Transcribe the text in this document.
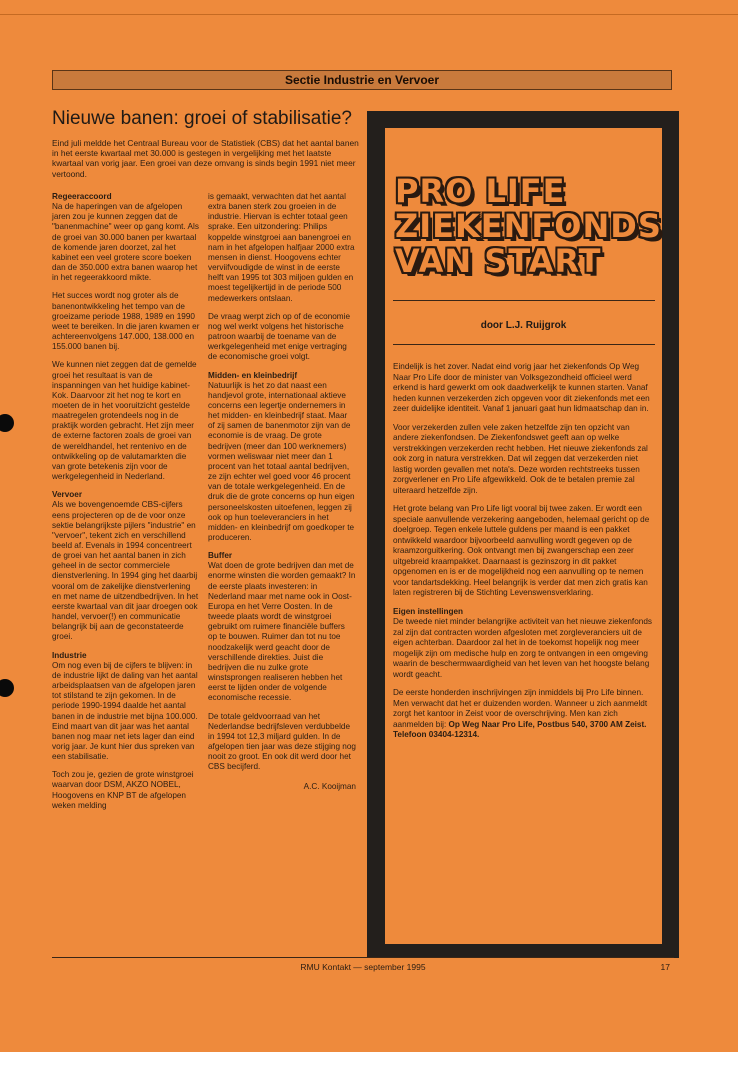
Sectie Industrie en Vervoer
Nieuwe banen: groei of stabilisatie?
Eind juli meldde het Centraal Bureau voor de Statistiek (CBS) dat het aantal banen in het eerste kwartaal met 30.000 is gestegen in vergelijking met het laatste kwartaal van vorig jaar. Een groei van deze omvang is sinds begin 1991 niet meer vertoond.
Regeeraccoord

Na de haperingen van de afgelopen jaren zou je kunnen zeggen dat de "banenmachine" weer op gang komt. Als de groei van 30.000 banen per kwartaal de komende jaren doorzet, zal het kabinet een veel grotere score boeken dan de 350.000 extra banen waarop het in het regeerakkoord mikte.

Het succes wordt nog groter als de banenontwikkeling het tempo van de groeizame periode 1988, 1989 en 1990 weet te bereiken. In die jaren kwamen er achtereenvolgens 147.000, 138.000 en 155.000 banen bij.

We kunnen niet zeggen dat de gemelde groei het resultaat is van de inspanningen van het huidige kabinet-Kok. Daarvoor zit het nog te kort en moeten de in het vooruitzicht gestelde maatregelen grotendeels nog in de praktijk worden gebracht. Het zijn meer de externe factoren zoals de groei van de wereldhandel, het rentenivo en de ontwikkeling op de valutamarkten die van grote betekenis zijn voor de werkgelegenheid in Nederland.

Vervoer

Als we bovengenoemde CBS-cijfers eens projecteren op de de voor onze sektie belangrijkste pijlers "industrie" en "vervoer", tekent zich en verschillend beeld af. Evenals in 1994 concentreert de groei van het aantal banen in zich geheel in de sector commerciele dienstverlening. In 1994 ging het daarbij vooral om de zakelijke dienstverlening en met name de uitzendbedrijven. In het eerste kwartaal van dit jaar droegen ook handel, vervoer(!) en communicatie belangrijk bij aan de geconstateerde groei.

Industrie

Om nog even bij de cijfers te blijven: in de industrie lijkt de daling van het aantal arbeidsplaatsen van de afgelopen jaren tot stilstand te zijn gekomen. In de periode 1990-1994 daalde het aantal banen in de industrie met bijna 100.000. Eind maart van dit jaar was het aantal banen nog maar net iets lager dan eind vorig jaar. Je kunt hier dus spreken van een stabilisatie.

Toch zou je, gezien de grote winstgroei waarvan door DSM, AKZO NOBEL, Hoogovens en KNP BT de afgelopen weken melding

is gemaakt, verwachten dat het aantal extra banen sterk zou groeien in de industrie. Hiervan is echter totaal geen sprake. Een uitzondering: Philips koppelde winstgroei aan banengroei en nam in het afgelopen halfjaar 2000 extra mensen in dienst. Hoogovens echter verviifvoudigde de winst in de eerste helft van 1995 tot 303 miljoen gulden en moest tegelijkertijd in de periode 500 medewerkers ontslaan.

De vraag werpt zich op of de economie nog wel werkt volgens het historische patroon waarbij de toename van de werkgelegenheid met enige vertraging de economische groei volgt.

Midden- en kleinbedrijf

Natuurlijk is het zo dat naast een handjevol grote, internationaal aktieve concerns een legertje ondernemers in het midden- en kleinbedrijf staat. Maar of zij samen de banenmotor zijn van de economie is de vraag. De grote bedrijven (meer dan 100 werknemers) vormen weliswaar niet meer dan 1 procent van het totaal aantal bedrijven, ze zijn echter wel goed voor 46 procent van de totale werkgelegenheid. En de druk die de grote concerns op hun eigen personeelskosten uitoefenen, leggen zij ook op hun toeleveranciers in het midden- en kleinbedrijf om goedkoper te produceren.

Buffer

Wat doen de grote bedrijven dan met de enorme winsten die worden gemaakt? In de eerste plaats investeren: in Nederland maar met name ook in Oost-Europa en het Verre Oosten. In de tweede plaats wordt de winstgroei gebruikt om ruimere financiële buffers op te bouwen. Ruimer dan tot nu toe noodzakelijk werd geacht door de verschillende direkties. Juist die bedrijven die nu zulke grote winstsprongen realiseren hebben het eerst te lijden onder de volgende economische recessie.

De totale geldvoorraad van het Nederlandse bedrijfsleven verdubbelde in 1994 tot 12,3 miljard gulden. In de afgelopen tien jaar was deze stijging nog nooit zo groot. En ook dit werd door het CBS becijferd.

A.C. Kooijman
PRO LIFE
ZIEKENFONDS
VAN START
door L.J. Ruijgrok

Eindelijk is het zover. Nadat eind vorig jaar het ziekenfonds Op Weg Naar Pro Life door de minister van Volksgezondheid officieel werd erkend is hard gewerkt om ook daadwerkelijk te kunnen starten. Vanaf heden kunnen verzekerden zich opgeven voor dit ziekenfonds met een zeer duidelijke identiteit. Vanaf 1 januari gaat hun lidmaatschap dan in.

Voor verzekerden zullen vele zaken hetzelfde zijn ten opzicht van andere ziekenfondsen. De Ziekenfondswet geeft aan op welke verstrekkingen verzekerden recht hebben. Het nieuwe ziekenfonds zal ook zorg in natura verstrekken. Dat wil zeggen dat verzekerden niet lastig worden gevallen met nota's. Deze worden rechtstreeks tussen zorgverlener en Pro Life afgewikkeld. Ook de te betalen premie zal uiteraard hetzelfde zijn.

Het grote belang van Pro Life ligt vooral bij twee zaken. Er wordt een speciale aanvullende verzekering aangeboden, helemaal gericht op de doelgroep. Tegen enkele luttele guldens per maand is een pakket ontwikkeld waardoor bijvoorbeeld aanvulling wordt gegeven op de kraamzorguitkering. Ook ontvangt men bij zwangerschap een zeer uitgebreid kraampakket. Daarnaast is gezinszorg in dit pakket opgenomen en is er de mogelijkheid nog een aanvulling op te nemen voor tandartsdekking. Heel belangrijk is verder dat men zich gratis kan laten registreren bij de Stichting Levenswensverklaring.

Eigen instellingen

De tweede niet minder belangrijke activiteit van het nieuwe ziekenfonds zal zijn dat contracten worden afgesloten met zorgleveranciers uit de eigen achterban. Daardoor zal het in de toekomst hopelijk nog meer mogelijk zijn om medische hulp en zorg te ontvangen in een omgeving waarin de beschermwaardigheid van het leven van het hoogste belang wordt geacht.

De eerste honderden inschrijvingen zijn inmiddels bij Pro Life binnen. Men verwacht dat het er duizenden worden. Wanneer u zich aanmeldt zorgt het kantoor in Zeist voor de overschrijving. Men kan zich aanmelden bij: Op Weg Naar Pro Life, Postbus 540, 3700 AM Zeist. Telefoon 03404-12314.

RMU Kontakt — september 1995	17
